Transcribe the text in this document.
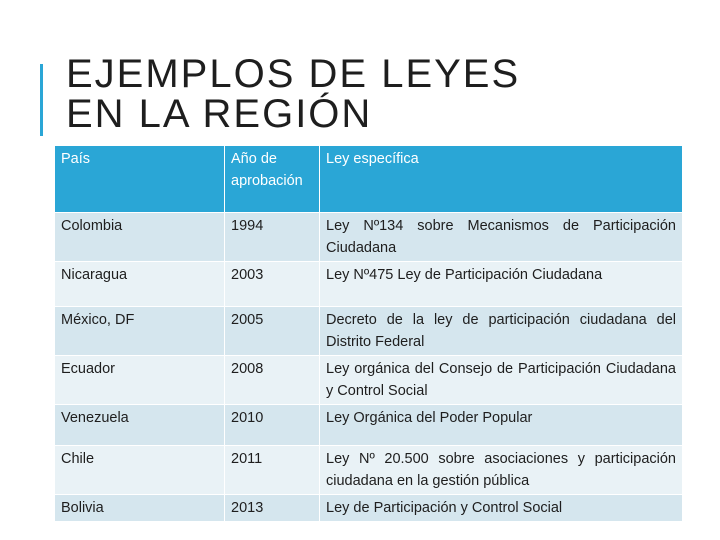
EJEMPLOS DE LEYES
EN LA REGIÓN
País	Año de aprobación	Ley específica
Colombia	1994	Ley Nº134 sobre Mecanismos de Participación Ciudadana
Nicaragua	2003	Ley Nº475 Ley de Participación Ciudadana
México, DF	2005	Decreto de la ley de participación ciudadana del Distrito Federal
Ecuador	2008	Ley orgánica del Consejo de Participación Ciudadana y Control Social
Venezuela	2010	Ley Orgánica del Poder Popular
Chile	2011	Ley Nº 20.500 sobre asociaciones y participación ciudadana en la gestión pública
Bolivia	2013	Ley de Participación y Control Social
